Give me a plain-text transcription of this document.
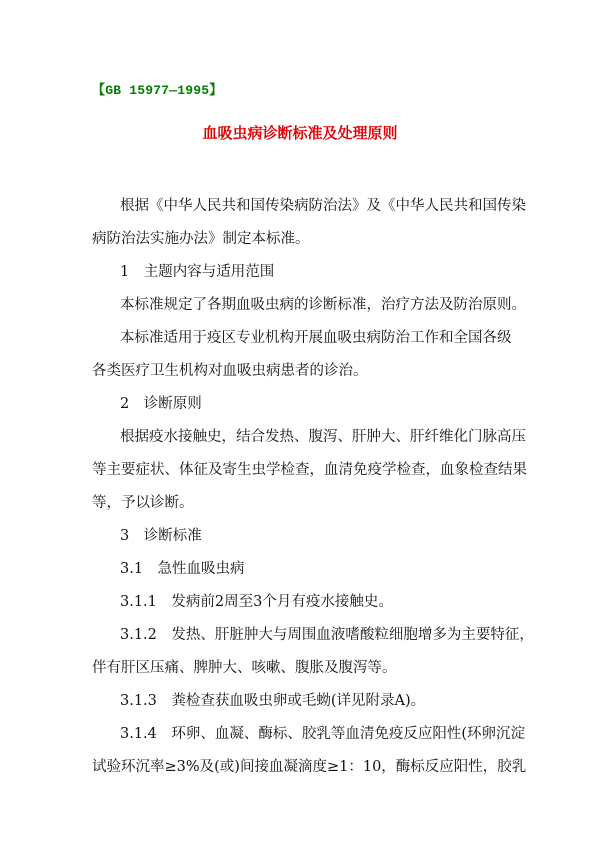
【GB 15977—1995】
血吸虫病诊断标准及处理原则

根据《中华人民共和国传染病防治法》及《中华人民共和国传染

病防治法实施办法》制定本标准。

1　主题内容与适用范围

本标准规定了各期血吸虫病的诊断标准，治疗方法及防治原则。

本标准适用于疫区专业机构开展血吸虫病防治工作和全国各级

各类医疗卫生机构对血吸虫病患者的诊治。

2　诊断原则

根据疫水接触史，结合发热、腹泻、肝肿大、肝纤维化门脉高压

等主要症状、体征及寄生虫学检查，血清免疫学检查，血象检查结果

等，予以诊断。

3　诊断标准

3.1　急性血吸虫病

3.1.1　发病前2周至3个月有疫水接触史。

3.1.2　发热、肝脏肿大与周围血液嗜酸粒细胞增多为主要特征，

伴有肝区压痛、脾肿大、咳嗽、腹胀及腹泻等。

3.1.3　粪检查获血吸虫卵或毛蚴(详见附录A)。

3.1.4　环卵、血凝、酶标、胶乳等血清免疫反应阳性(环卵沉淀

试验环沉率≥3%及(或)间接血凝滴度≥1：10，酶标反应阳性，胶乳
